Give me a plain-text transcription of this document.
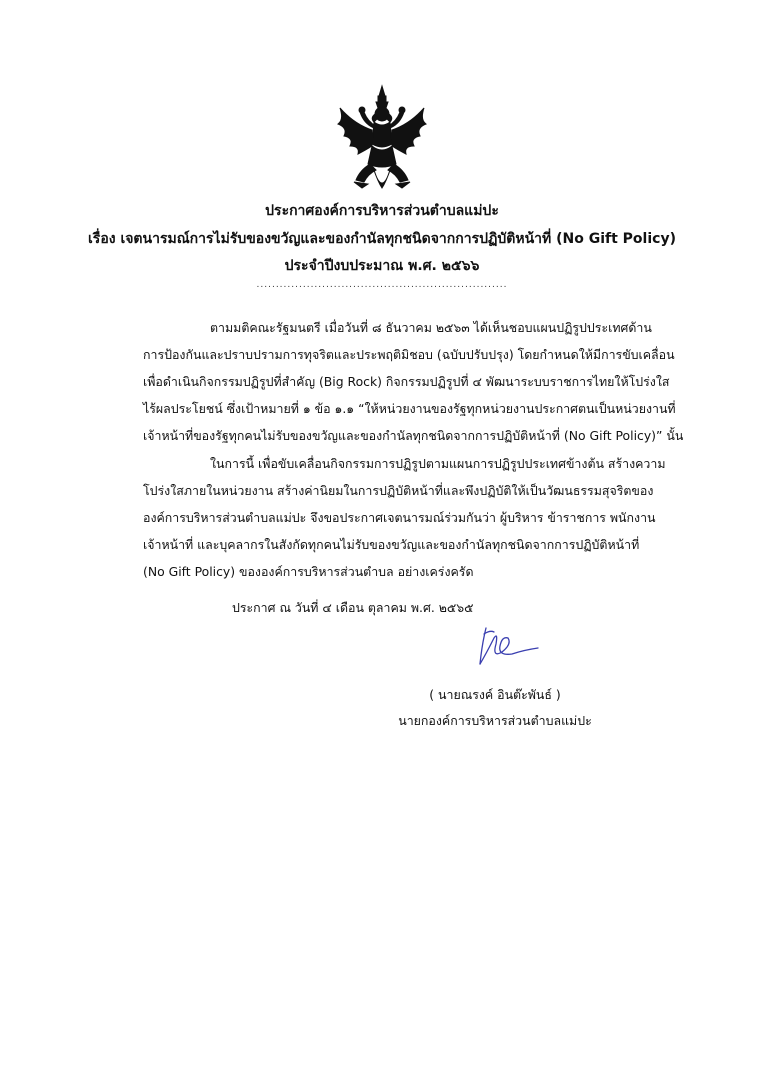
ประกาศองค์การบริหารส่วนตำบลแม่ปะ
เรื่อง เจตนารมณ์การไม่รับของขวัญและของกำนัลทุกชนิดจากการปฏิบัติหน้าที่ (No Gift Policy)
ประจำปีงบประมาณ พ.ศ. ๒๕๖๖
.................................................................
ตามมติคณะรัฐมนตรี เมื่อวันที่ ๘ ธันวาคม ๒๕๖๓ ได้เห็นชอบแผนปฏิรูปประเทศด้าน
การป้องกันและปราบปรามการทุจริตและประพฤติมิชอบ (ฉบับปรับปรุง) โดยกำหนดให้มีการขับเคลื่อน
เพื่อดำเนินกิจกรรมปฏิรูปที่สำคัญ (Big Rock) กิจกรรมปฏิรูปที่ ๔ พัฒนาระบบราชการไทยให้โปร่งใส
ไร้ผลประโยชน์ ซึ่งเป้าหมายที่ ๑ ข้อ ๑.๑ “ให้หน่วยงานของรัฐทุกหน่วยงานประกาศตนเป็นหน่วยงานที่
เจ้าหน้าที่ของรัฐทุกคนไม่รับของขวัญและของกำนัลทุกชนิดจากการปฏิบัติหน้าที่ (No Gift Policy)” นั้น
ในการนี้ เพื่อขับเคลื่อนกิจกรรมการปฏิรูปตามแผนการปฏิรูปประเทศข้างต้น สร้างความ
โปร่งใสภายในหน่วยงาน สร้างค่านิยมในการปฏิบัติหน้าที่และพึงปฏิบัติให้เป็นวัฒนธรรมสุจริตของ
องค์การบริหารส่วนตำบลแม่ปะ จึงขอประกาศเจตนารมณ์ร่วมกันว่า ผู้บริหาร ข้าราชการ พนักงาน
เจ้าหน้าที่ และบุคลากรในสังกัดทุกคนไม่รับของขวัญและของกำนัลทุกชนิดจากการปฏิบัติหน้าที่
(No Gift Policy) ขององค์การบริหารส่วนตำบล อย่างเคร่งครัด
ประกาศ ณ วันที่ ๔ เดือน ตุลาคม พ.ศ. ๒๕๖๕
( นายณรงค์ อินต๊ะพันธ์ )
นายกองค์การบริหารส่วนตำบลแม่ปะ
